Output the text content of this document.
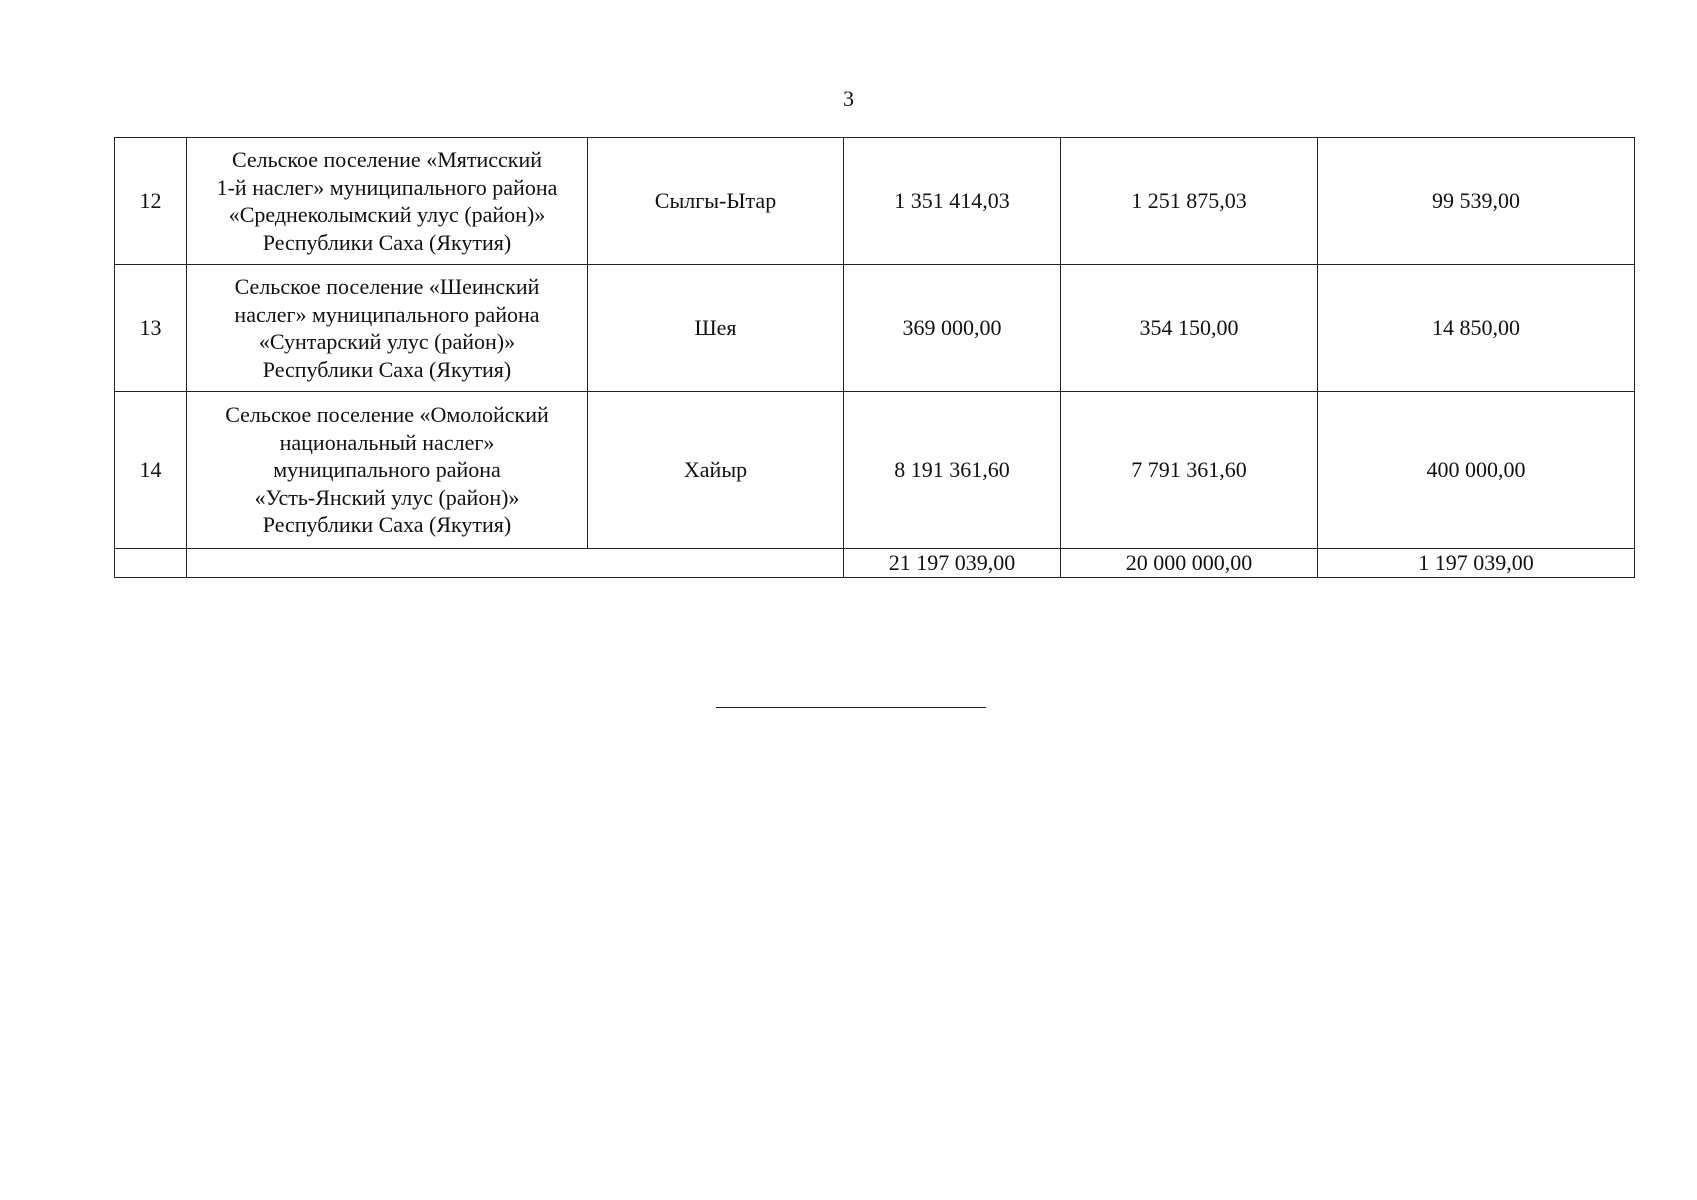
3
12	Сельское поселение «Мятисский
1-й наслег» муниципального района
«Среднеколымский улус (район)»
Республики Саха (Якутия)	Сылгы-Ытар	1 351 414,03	1 251 875,03	99 539,00
13	Сельское поселение «Шеинский
наслег» муниципального района
«Сунтарский улус (район)»
Республики Саха (Якутия)	Шея	369 000,00	354 150,00	14 850,00
14	Сельское поселение «Омолойский
национальный наслег»
муниципального района
«Усть-Янский улус (район)»
Республики Саха (Якутия)	Хайыр	8 191 361,60	7 791 361,60	400 000,00
			21 197 039,00	20 000 000,00	1 197 039,00
